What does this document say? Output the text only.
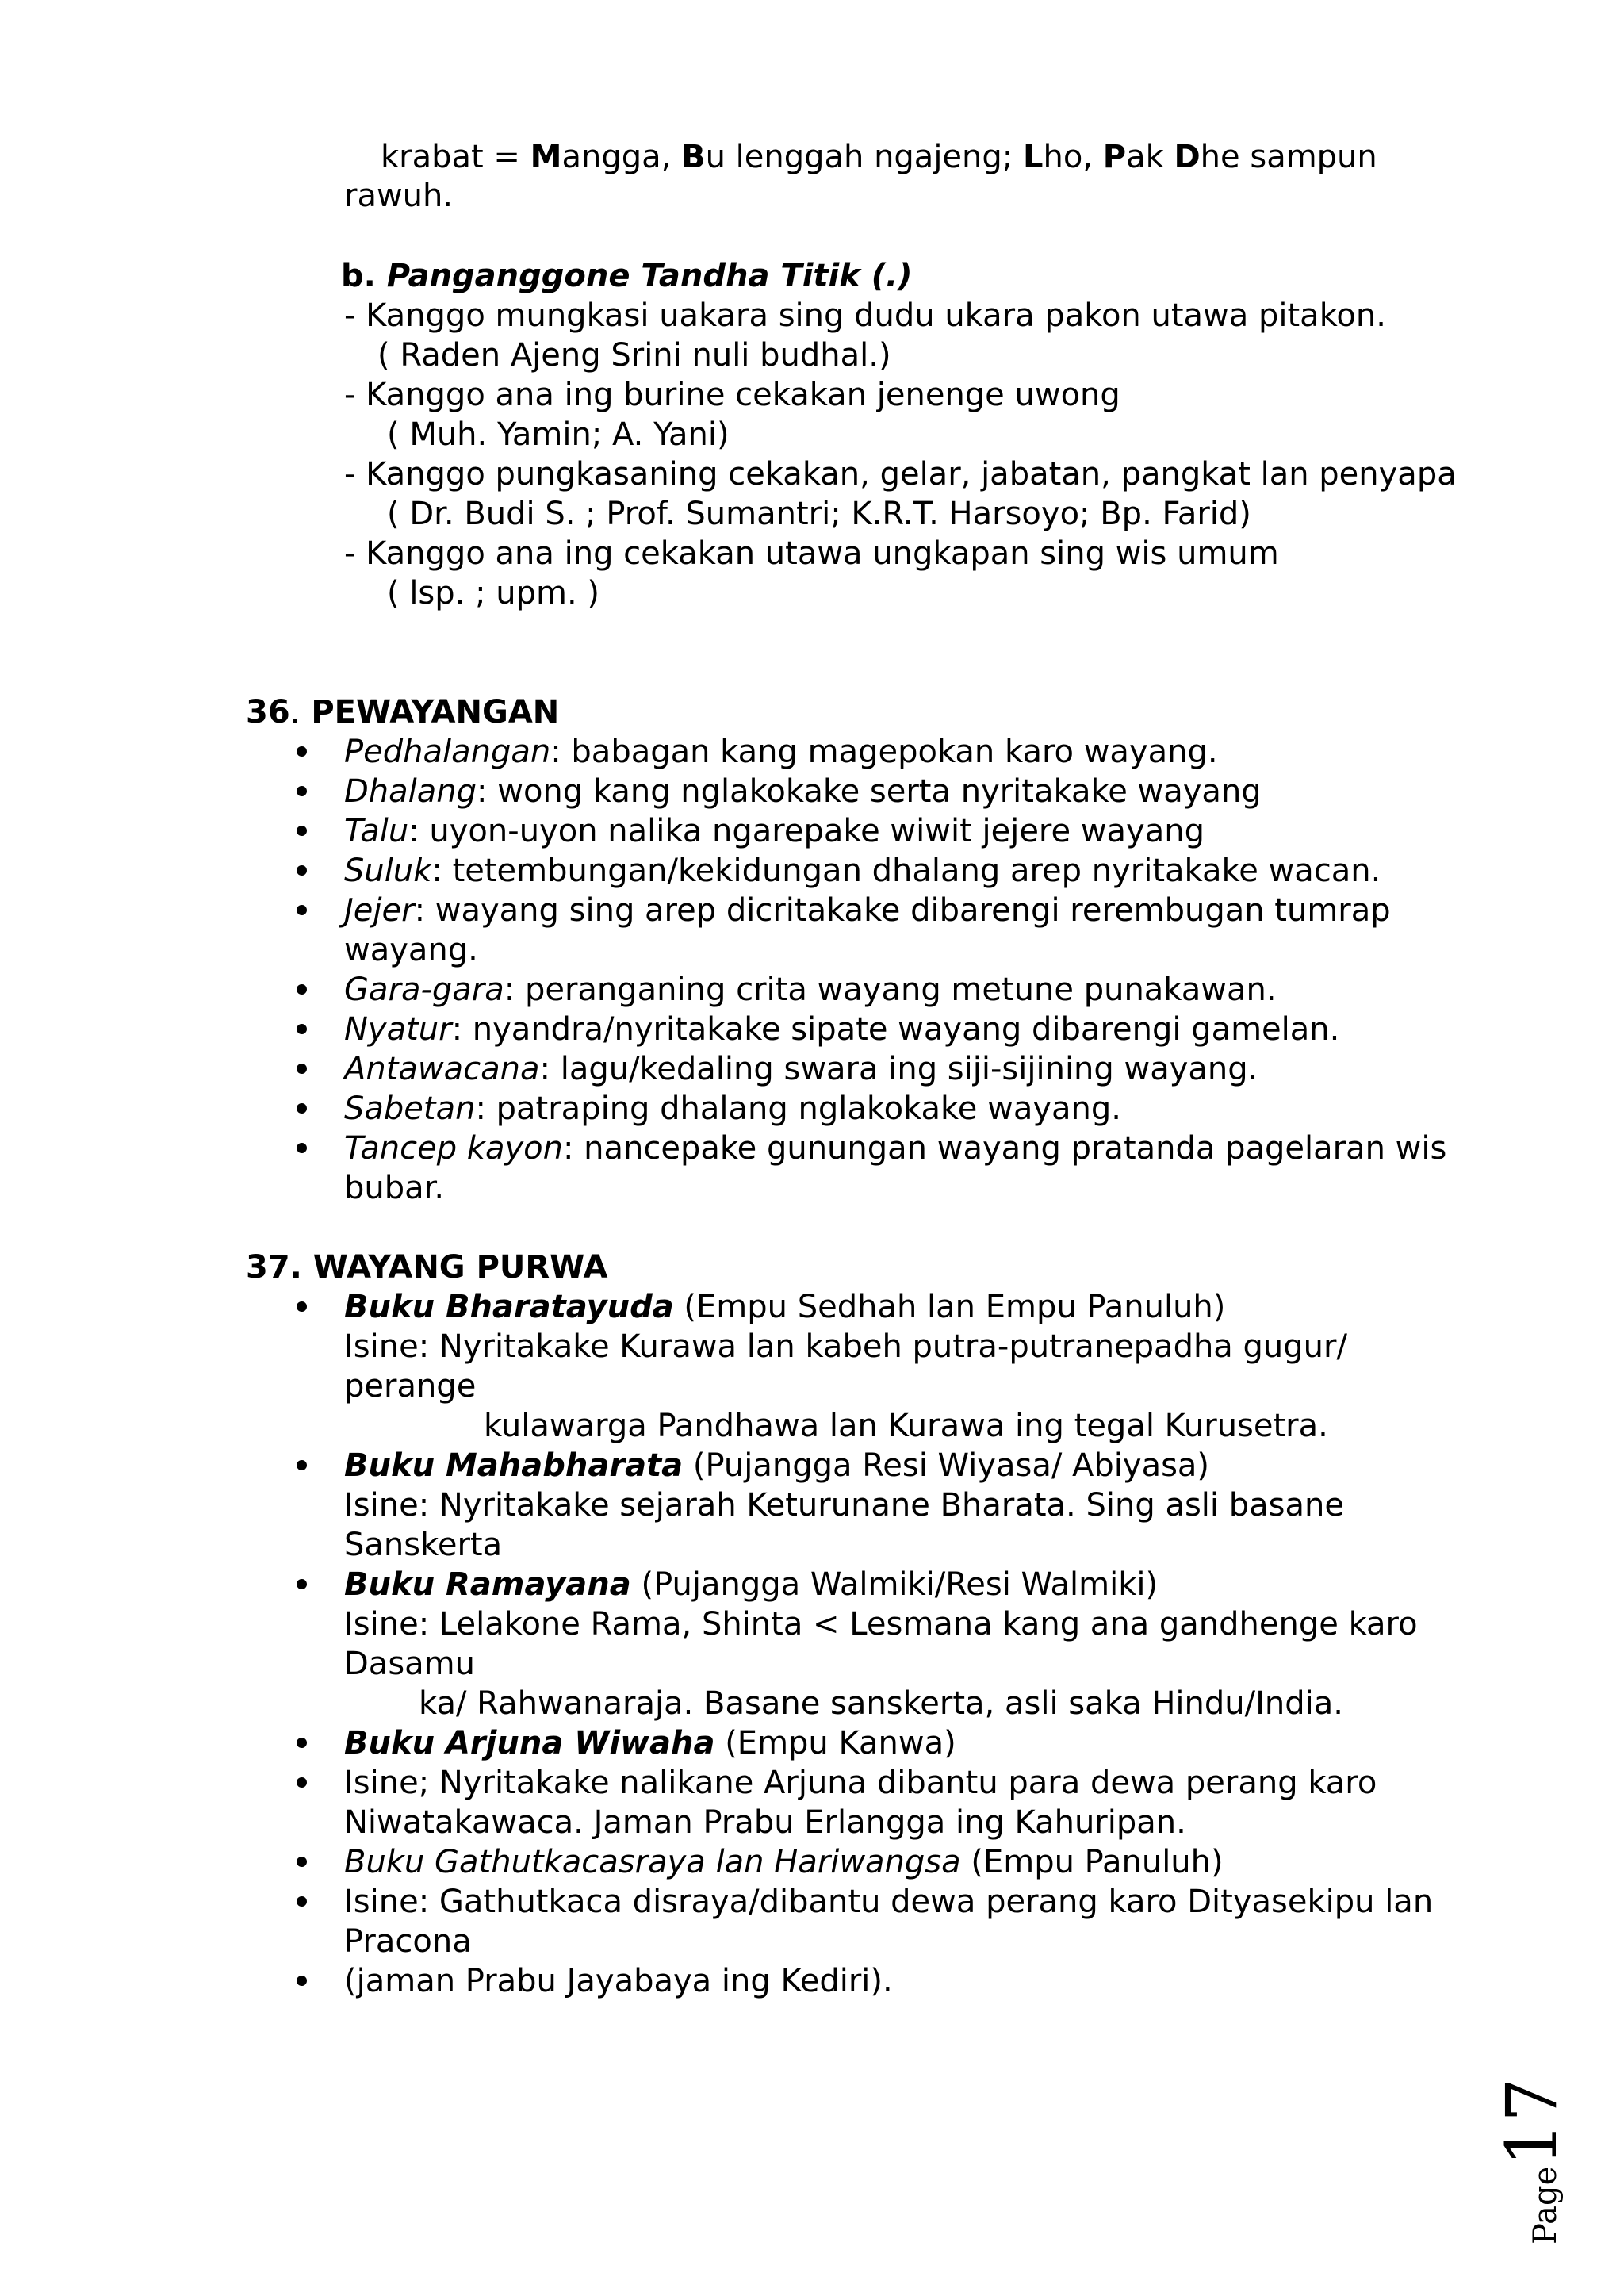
krabat = Mangga, Bu lenggah ngajeng; Lho, Pak Dhe sampun
rawuh.
b. Panganggone Tandha Titik (.)
- Kanggo mungkasi uakara sing dudu ukara pakon utawa pitakon.
( Raden Ajeng Srini nuli budhal.)
- Kanggo ana ing burine cekakan jenenge uwong
( Muh. Yamin; A. Yani)
- Kanggo pungkasaning cekakan, gelar, jabatan, pangkat lan penyapa
( Dr. Budi S. ; Prof. Sumantri; K.R.T. Harsoyo; Bp. Farid)
- Kanggo ana ing cekakan utawa ungkapan sing wis umum
( lsp. ; upm. )
36. PEWAYANGAN
Pedhalangan: babagan kang magepokan karo wayang.
Dhalang: wong kang nglakokake serta nyritakake wayang
Talu: uyon-uyon nalika ngarepake wiwit jejere wayang
Suluk: tetembungan/kekidungan dhalang arep nyritakake wacan.
Jejer: wayang sing arep dicritakake dibarengi rerembugan tumrap
wayang.
Gara-gara: peranganing crita wayang metune punakawan.
Nyatur: nyandra/nyritakake sipate wayang dibarengi gamelan.
Antawacana: lagu/kedaling swara ing siji-sijining wayang.
Sabetan: patraping dhalang nglakokake wayang.
Tancep kayon: nancepake gunungan wayang pratanda pagelaran wis
bubar.
37. WAYANG PURWA
Buku Bharatayuda (Empu Sedhah lan Empu Panuluh)
Isine: Nyritakake Kurawa lan kabeh putra-putranepadha gugur/
perange
kulawarga Pandhawa lan Kurawa ing tegal Kurusetra.
Buku Mahabharata (Pujangga Resi Wiyasa/ Abiyasa)
Isine: Nyritakake sejarah Keturunane Bharata. Sing asli basane
Sanskerta
Buku Ramayana (Pujangga Walmiki/Resi Walmiki)
Isine: Lelakone Rama, Shinta < Lesmana kang ana gandhenge karo
Dasamu
ka/ Rahwanaraja. Basane sanskerta, asli saka Hindu/India.
Buku Arjuna Wiwaha (Empu Kanwa)
Isine; Nyritakake nalikane Arjuna dibantu para dewa perang karo
Niwatakawaca. Jaman Prabu Erlangga ing Kahuripan.
Buku Gathutkacasraya lan Hariwangsa (Empu Panuluh)
Isine: Gathutkaca disraya/dibantu dewa perang karo Dityasekipu lan
Pracona
(jaman Prabu Jayabaya ing Kediri).
Page17
